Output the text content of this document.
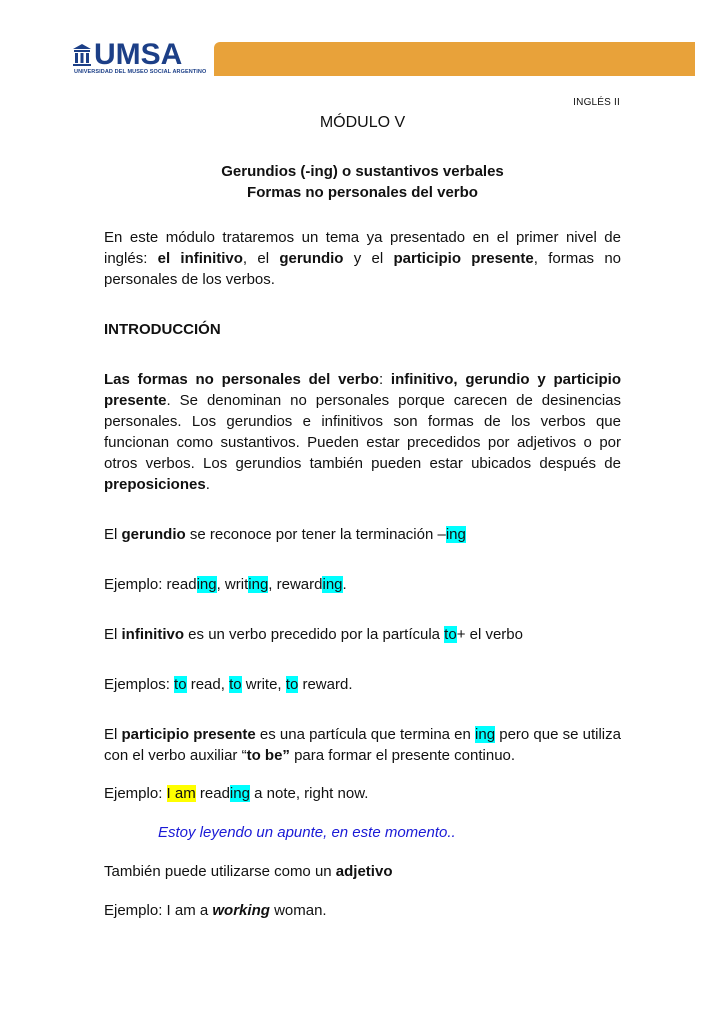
UMSA
UNIVERSIDAD DEL MUSEO SOCIAL ARGENTINO
INGLÉS II

MÓDULO V

Gerundios (-ing) o sustantivos verbales

Formas no personales del verbo

En este módulo trataremos un tema ya presentado en el primer nivel de inglés: el infinitivo, el gerundio y el participio presente, formas no personales de los verbos.

INTRODUCCIÓN

Las formas no personales del verbo: infinitivo, gerundio y participio presente. Se denominan no personales porque carecen de desinencias personales. Los gerundios e infinitivos son formas de los verbos que funcionan como sustantivos. Pueden estar precedidos por adjetivos o por otros verbos. Los gerundios también pueden estar ubicados después de preposiciones.

El gerundio se reconoce por tener la terminación –ing

Ejemplo: reading, writing, rewarding.

El infinitivo es un verbo precedido por la partícula to+ el verbo

Ejemplos: to read, to write, to reward.

El participio presente es una partícula que termina en ing pero que se utiliza con el verbo auxiliar “to be” para formar el presente continuo.

Ejemplo: I am reading a note, right now.

Estoy leyendo un apunte, en este momento..

También puede utilizarse como un adjetivo

Ejemplo: I am a working woman.
